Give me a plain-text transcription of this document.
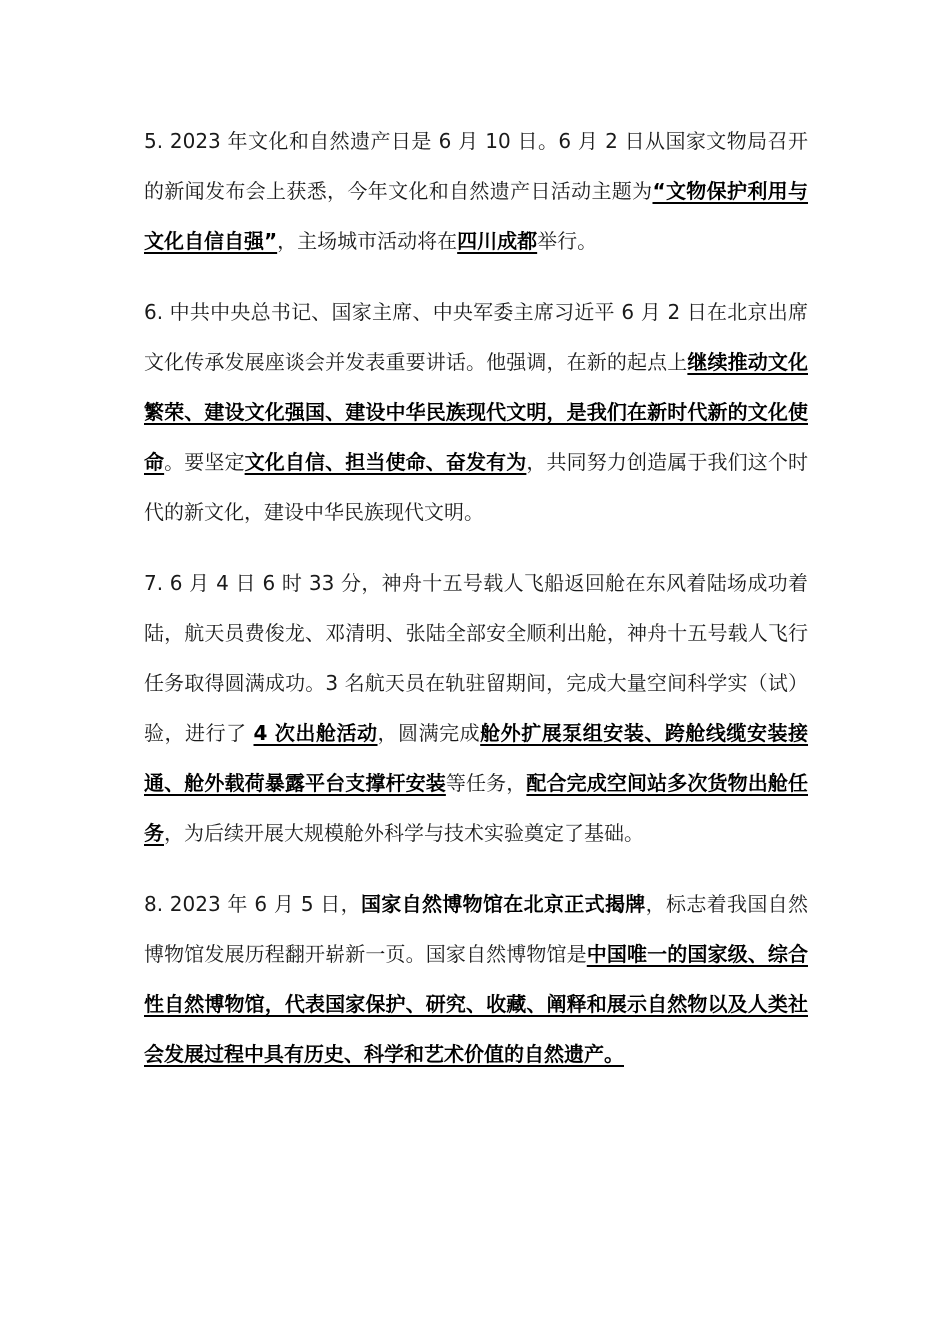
5. 2023 年文化和自然遗产日是 6 月 10 日。6 月 2 日从国家文物局召开的新闻发布会上获悉，今年文化和自然遗产日活动主题为“文物保护利用与文化自信自强”，主场城市活动将在四川成都举行。

6. 中共中央总书记、国家主席、中央军委主席习近平 6 月 2 日在北京出席文化传承发展座谈会并发表重要讲话。他强调，在新的起点上继续推动文化繁荣、建设文化强国、建设中华民族现代文明，是我们在新时代新的文化使命。要坚定文化自信、担当使命、奋发有为，共同努力创造属于我们这个时代的新文化，建设中华民族现代文明。

7. 6 月 4 日 6 时 33 分，神舟十五号载人飞船返回舱在东风着陆场成功着陆，航天员费俊龙、邓清明、张陆全部安全顺利出舱，神舟十五号载人飞行任务取得圆满成功。3 名航天员在轨驻留期间，完成大量空间科学实（试）验，进行了 4 次出舱活动，圆满完成舱外扩展泵组安装、跨舱线缆安装接通、舱外载荷暴露平台支撑杆安装等任务，配合完成空间站多次货物出舱任务，为后续开展大规模舱外科学与技术实验奠定了基础。

8. 2023 年 6 月 5 日，国家自然博物馆在北京正式揭牌，标志着我国自然博物馆发展历程翻开崭新一页。国家自然博物馆是中国唯一的国家级、综合性自然博物馆，代表国家保护、研究、收藏、阐释和展示自然物以及人类社会发展过程中具有历史、科学和艺术价值的自然遗产。
